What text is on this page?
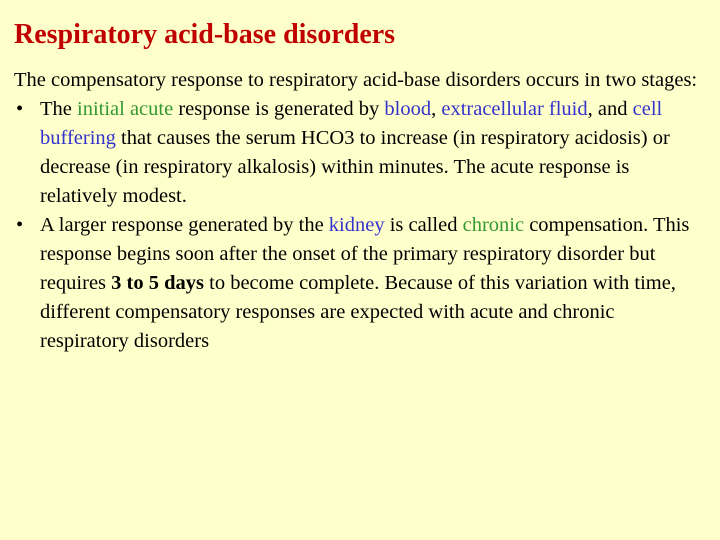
Respiratory acid-base disorders

The compensatory response to respiratory acid-base disorders occurs in two stages:

• The initial acute response is generated by blood, extracellular fluid, and cell buffering that causes the serum HCO3 to increase (in respiratory acidosis) or decrease (in respiratory alkalosis) within minutes. The acute response is relatively modest.
• A larger response generated by the kidney is called chronic compensation. This response begins soon after the onset of the primary respiratory disorder but requires 3 to 5 days to become complete. Because of this variation with time, different compensatory responses are expected with acute and chronic respiratory disorders
